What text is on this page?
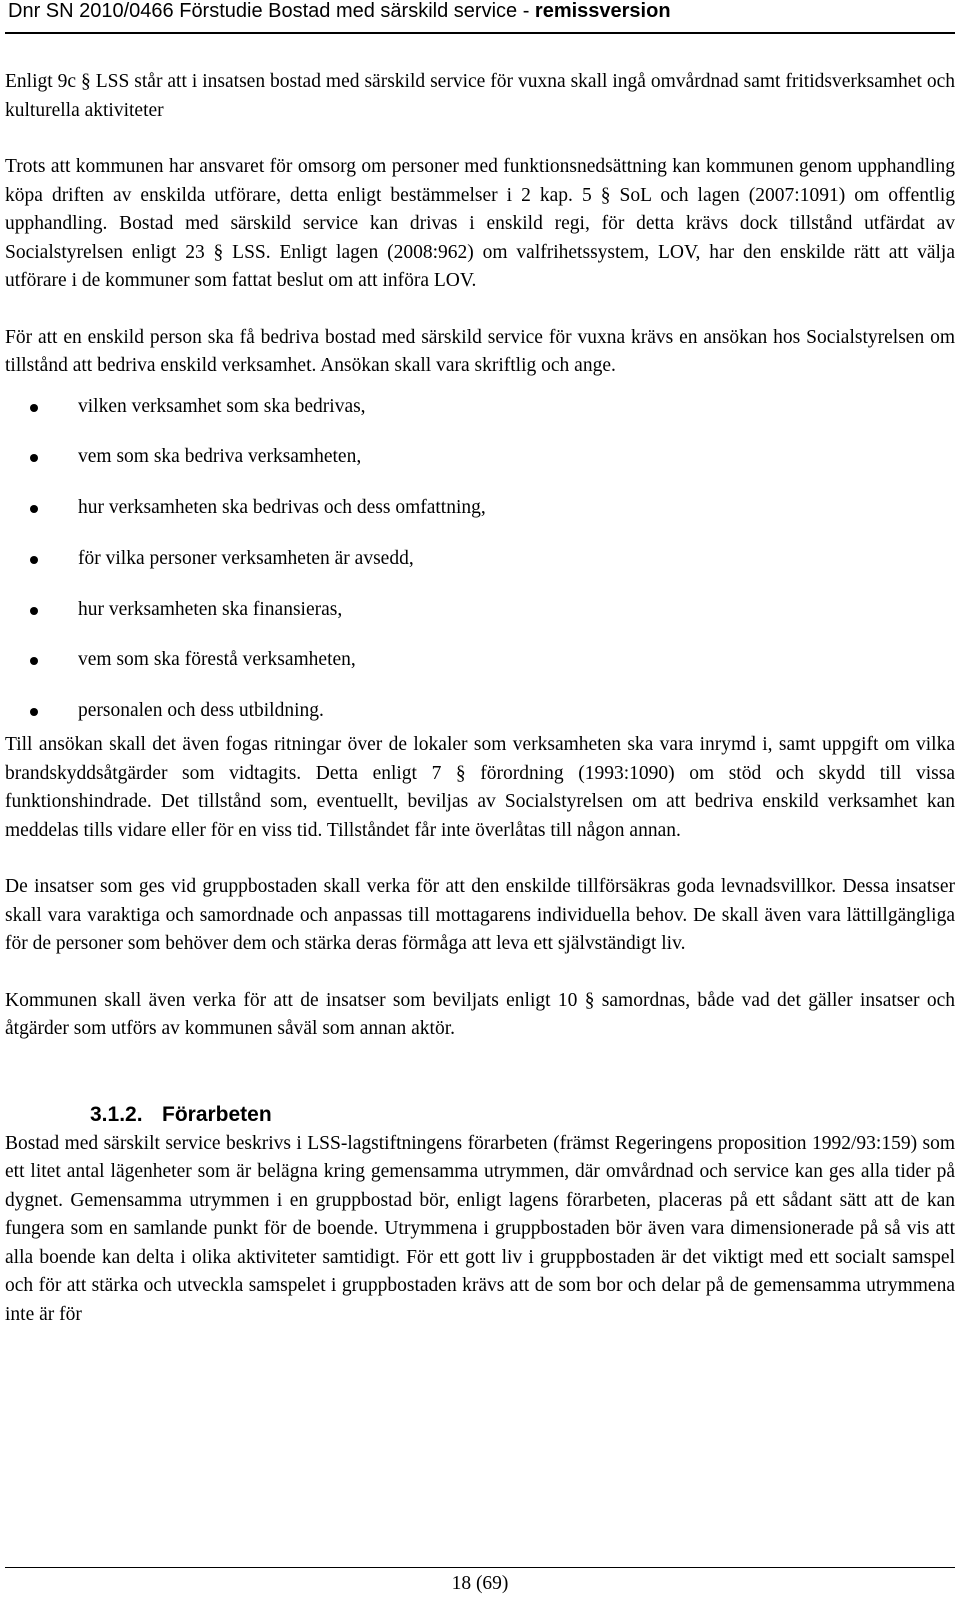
Dnr SN 2010/0466 Förstudie Bostad med särskild service - remissversion

Enligt 9c § LSS står att i insatsen bostad med särskild service för vuxna skall ingå omvårdnad samt fritidsverksamhet och kulturella aktiviteter

Trots att kommunen har ansvaret för omsorg om personer med funktionsnedsättning kan kommunen genom upphandling köpa driften av enskilda utförare, detta enligt bestämmelser i 2 kap. 5 § SoL och lagen (2007:1091) om offentlig upphandling. Bostad med särskild service kan drivas i enskild regi, för detta krävs dock tillstånd utfärdat av Socialstyrelsen enligt 23 § LSS. Enligt lagen (2008:962) om valfrihetssystem, LOV, har den enskilde rätt att välja utförare i de kommuner som fattat beslut om att införa LOV.

För att en enskild person ska få bedriva bostad med särskild service för vuxna krävs en ansökan hos Socialstyrelsen om tillstånd att bedriva enskild verksamhet. Ansökan skall vara skriftlig och ange.

vilken verksamhet som ska bedrivas,
vem som ska bedriva verksamheten,
hur verksamheten ska bedrivas och dess omfattning,
för vilka personer verksamheten är avsedd,
hur verksamheten ska finansieras,
vem som ska förestå verksamheten,
personalen och dess utbildning.

Till ansökan skall det även fogas ritningar över de lokaler som verksamheten ska vara inrymd i, samt uppgift om vilka brandskyddsåtgärder som vidtagits. Detta enligt 7 § förordning (1993:1090) om stöd och skydd till vissa funktionshindrade. Det tillstånd som, eventuellt, beviljas av Socialstyrelsen om att bedriva enskild verksamhet kan meddelas tills vidare eller för en viss tid. Tillståndet får inte överlåtas till någon annan.

De insatser som ges vid gruppbostaden skall verka för att den enskilde tillförsäkras goda levnadsvillkor. Dessa insatser skall vara varaktiga och samordnade och anpassas till mottagarens individuella behov. De skall även vara lättillgängliga för de personer som behöver dem och stärka deras förmåga att leva ett självständigt liv.

Kommunen skall även verka för att de insatser som beviljats enligt 10 § samordnas, både vad det gäller insatser och åtgärder som utförs av kommunen såväl som annan aktör.

3.1.2. Förarbeten

Bostad med särskilt service beskrivs i LSS-lagstiftningens förarbeten (främst Regeringens proposition 1992/93:159) som ett litet antal lägenheter som är belägna kring gemensamma utrymmen, där omvårdnad och service kan ges alla tider på dygnet. Gemensamma utrymmen i en gruppbostad bör, enligt lagens förarbeten, placeras på ett sådant sätt att de kan fungera som en samlande punkt för de boende. Utrymmena i gruppbostaden bör även vara dimensionerade på så vis att alla boende kan delta i olika aktiviteter samtidigt. För ett gott liv i gruppbostaden är det viktigt med ett socialt samspel och för att stärka och utveckla samspelet i gruppbostaden krävs att de som bor och delar på de gemensamma utrymmena inte är för

18 (69)
